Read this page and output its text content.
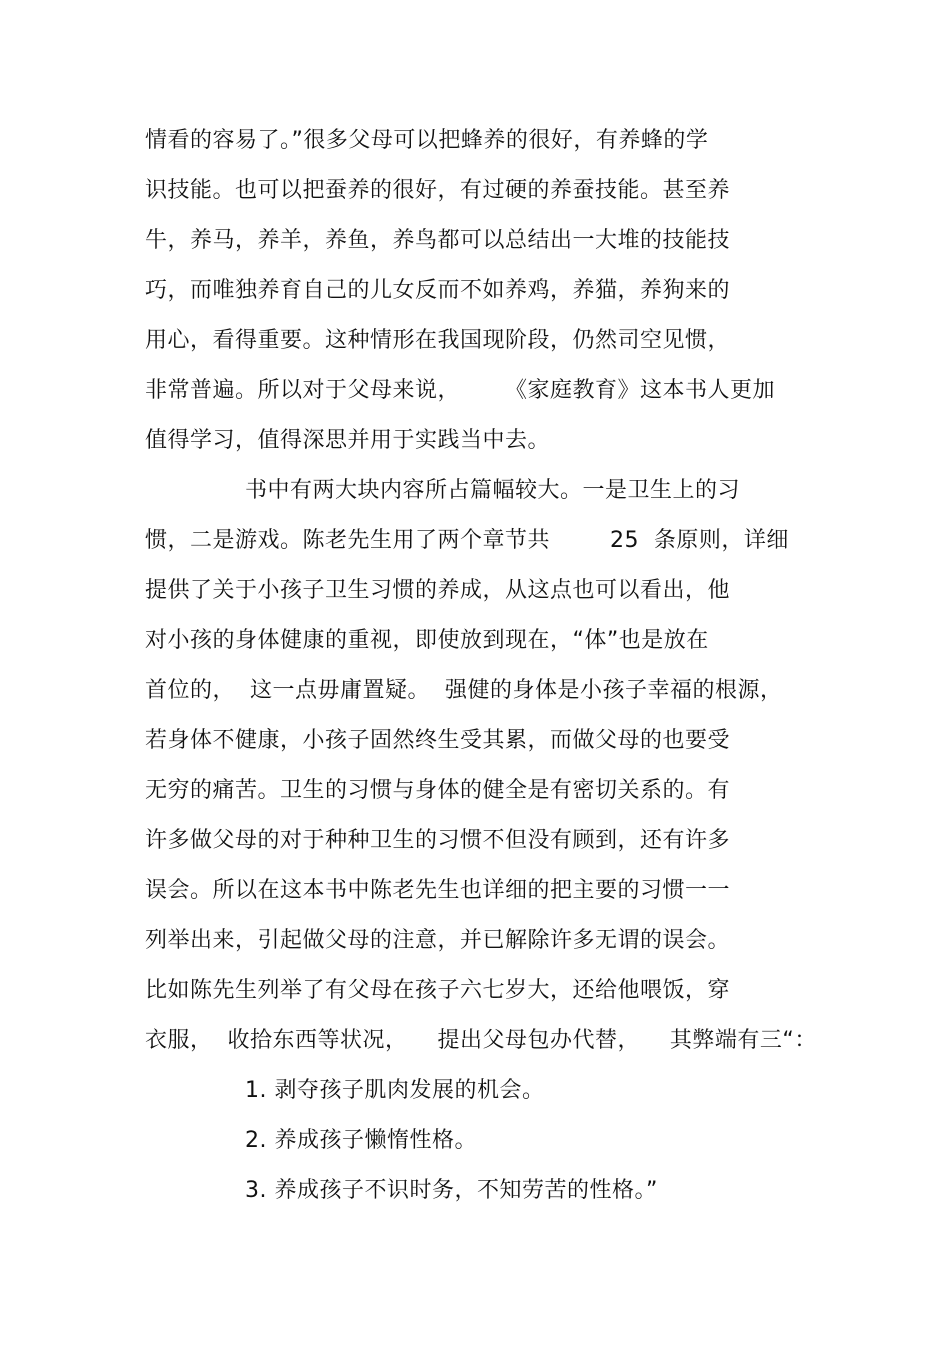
情看的容易了。”很多父母可以把蜂养的很好，有养蜂的学
识技能。也可以把蚕养的很好，有过硬的养蚕技能。甚至养
牛，养马，养羊，养鱼，养鸟都可以总结出一大堆的技能技
巧，而唯独养育自己的儿女反而不如养鸡，养猫，养狗来的
用心，看得重要。这种情形在我国现阶段，仍然司空见惯，
非常普遍。所以对于父母来说，      《家庭教育》这本书人更加
值得学习，值得深思并用于实践当中去。
书中有两大块内容所占篇幅较大。一是卫生上的习
惯，二是游戏。陈老先生用了两个章节共        25  条原则，详细
提供了关于小孩子卫生习惯的养成，从这点也可以看出，他
对小孩的身体健康的重视，即使放到现在，“体”也是放在
首位的，  这一点毋庸置疑。  强健的身体是小孩子幸福的根源，
若身体不健康，小孩子固然终生受其累，而做父母的也要受
无穷的痛苦。卫生的习惯与身体的健全是有密切关系的。有
许多做父母的对于种种卫生的习惯不但没有顾到，还有许多
误会。所以在这本书中陈老先生也详细的把主要的习惯一一
列举出来，引起做父母的注意，并已解除许多无谓的误会。
比如陈先生列举了有父母在孩子六七岁大，还给他喂饭，穿
衣服，  收拾东西等状况，    提出父母包办代替，    其弊端有三“：
1. 剥夺孩子肌肉发展的机会。
2. 养成孩子懒惰性格。
3. 养成孩子不识时务，不知劳苦的性格。”
